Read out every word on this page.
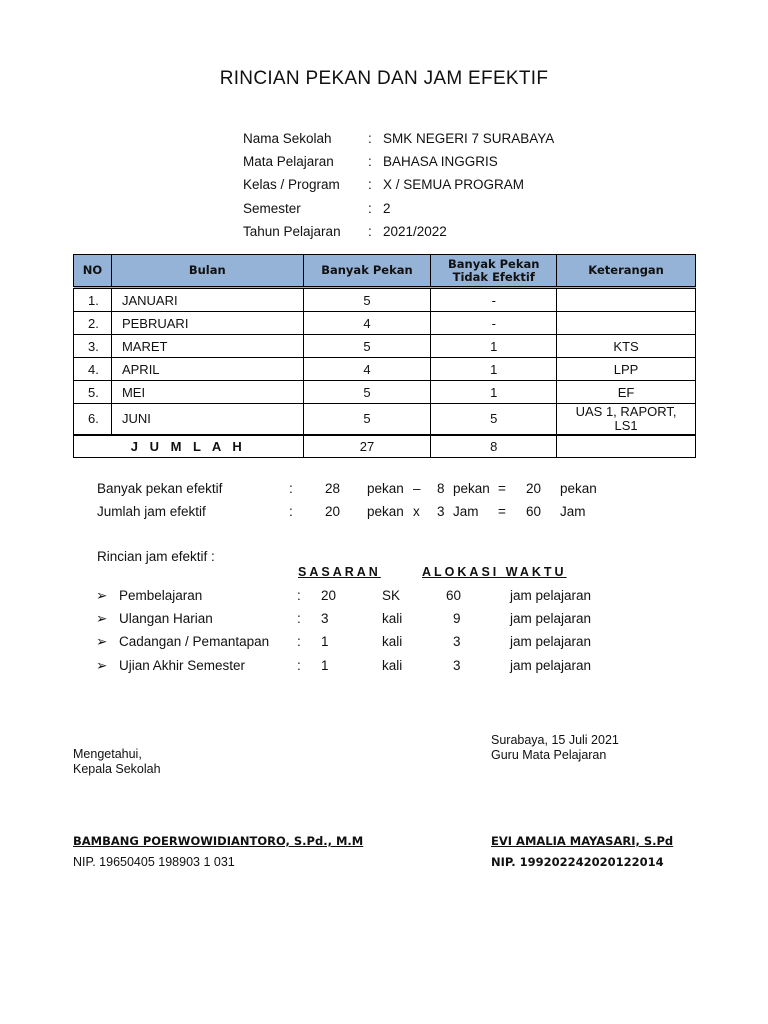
RINCIAN PEKAN DAN JAM EFEKTIF
Nama Sekolah	: SMK NEGERI 7 SURABAYA
Mata Pelajaran	: BAHASA INGGRIS
Kelas / Program : X / SEMUA PROGRAM
Semester	: 2
Tahun Pelajaran : 2021/2022
NO	Bulan	Banyak Pekan	Banyak Pekan Tidak Efektif	Keterangan
1.	JANUARI	5	-	
2.	PEBRUARI	4	-	
3.	MARET	5	1	KTS
4.	APRIL	4	1	LPP
5.	MEI	5	1	EF
6.	JUNI	5	5	UAS 1, RAPORT, LS1
J U M L A H		27	8	
Banyak pekan efektif	: 28 pekan – 8 pekan = 20 pekan
Jumlah jam efektif	: 20 pekan x 3 Jam = 60 Jam
Rincian jam efektif :
SASARAN	ALOKASI WAKTU
➢ Pembelajaran	: 20	SK	60	jam pelajaran
➢ Ulangan Harian	: 3	kali	9	jam pelajaran
➢ Cadangan / Pemantapan : 1	kali	3	jam pelajaran
➢ Ujian Akhir Semester	: 1	kali	3	jam pelajaran
Surabaya, 15 Juli 2021
Guru Mata Pelajaran
Mengetahui,
Kepala Sekolah
BAMBANG POERWOWIDIANTORO, S.Pd., M.M
NIP. 19650405 198903 1 031
EVI AMALIA MAYASARI, S.Pd
NIP. 199202242020122014
